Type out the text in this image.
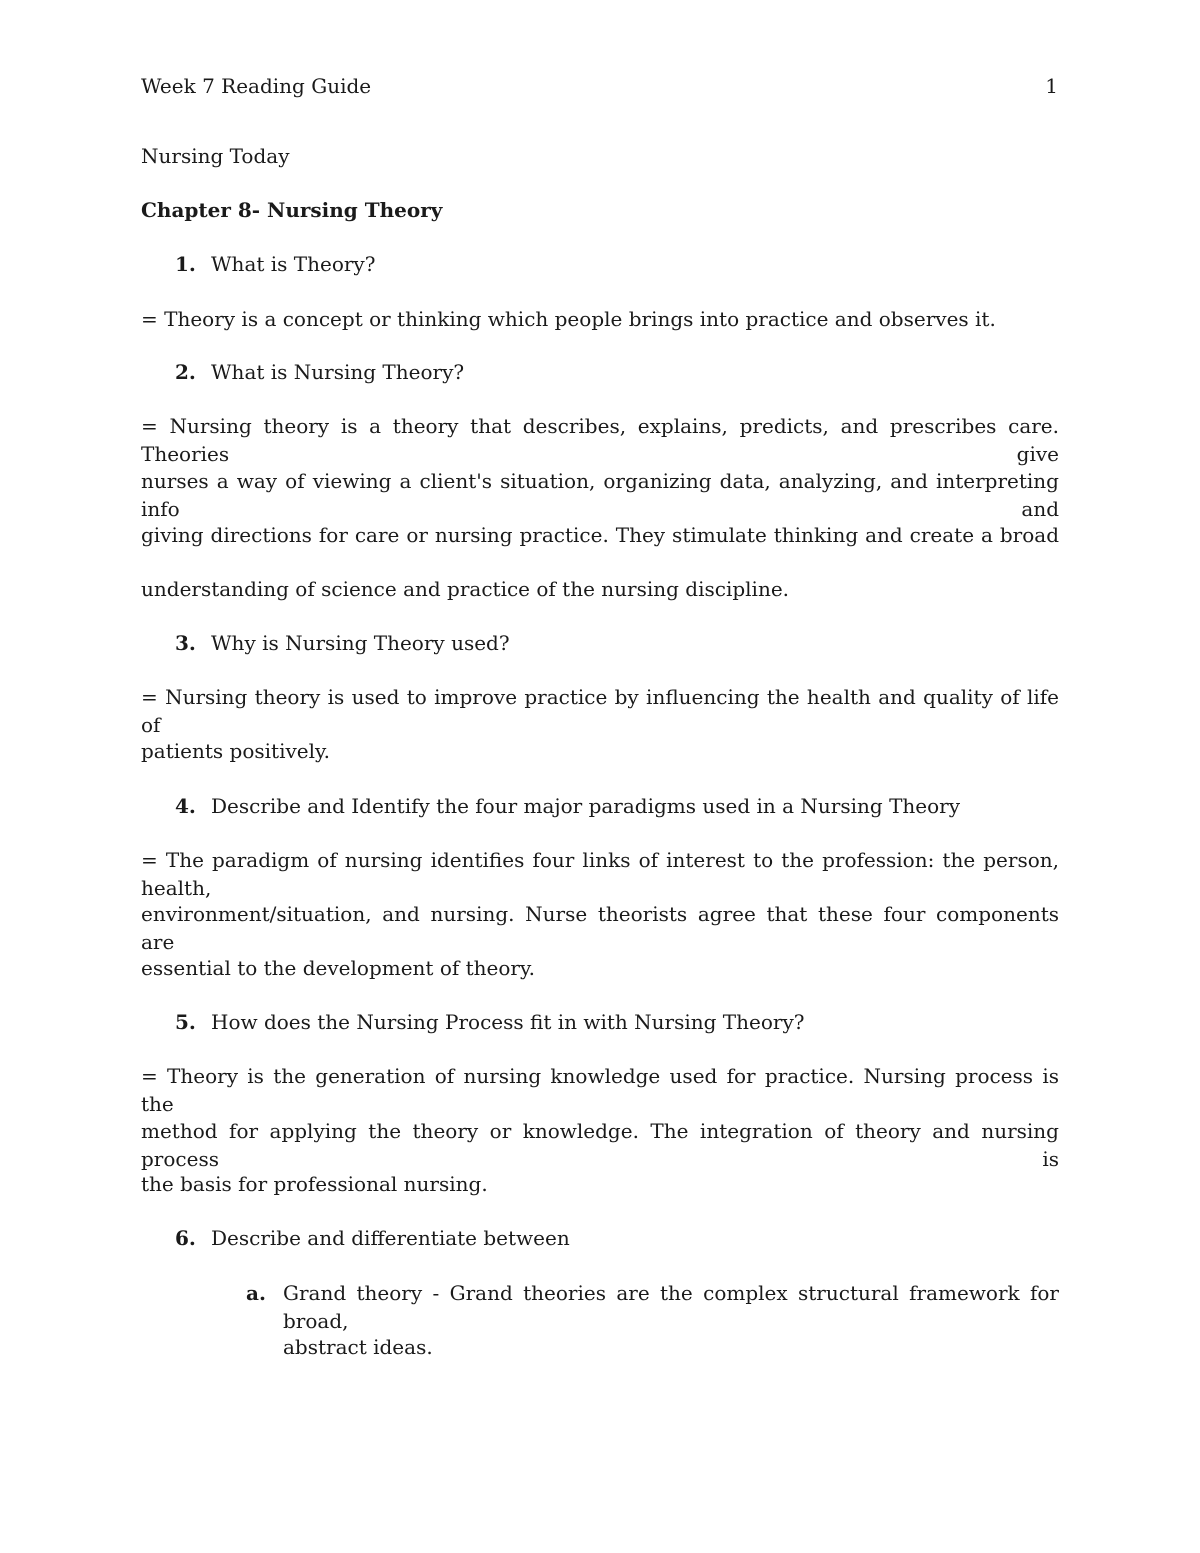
Week 7 Reading Guide	1
Nursing Today
Chapter 8- Nursing Theory
1. What is Theory?
= Theory is a concept or thinking which people brings into practice and observes it.
2. What is Nursing Theory?
= Nursing theory is a theory that describes, explains, predicts, and prescribes care. Theories give
nurses a way of viewing a client's situation, organizing data, analyzing, and interpreting info and
giving directions for care or nursing practice. They stimulate thinking and create a broad
understanding of science and practice of the nursing discipline.
3. Why is Nursing Theory used?
= Nursing theory is used to improve practice by influencing the health and quality of life of
patients positively.
4. Describe and Identify the four major paradigms used in a Nursing Theory
= The paradigm of nursing identifies four links of interest to the profession: the person, health,
environment/situation, and nursing. Nurse theorists agree that these four components are
essential to the development of theory.
5. How does the Nursing Process fit in with Nursing Theory?
= Theory is the generation of nursing knowledge used for practice. Nursing process is the
method for applying the theory or knowledge. The integration of theory and nursing process is
the basis for professional nursing.
6. Describe and differentiate between
a. Grand theory - Grand theories are the complex structural framework for broad,
abstract ideas.
